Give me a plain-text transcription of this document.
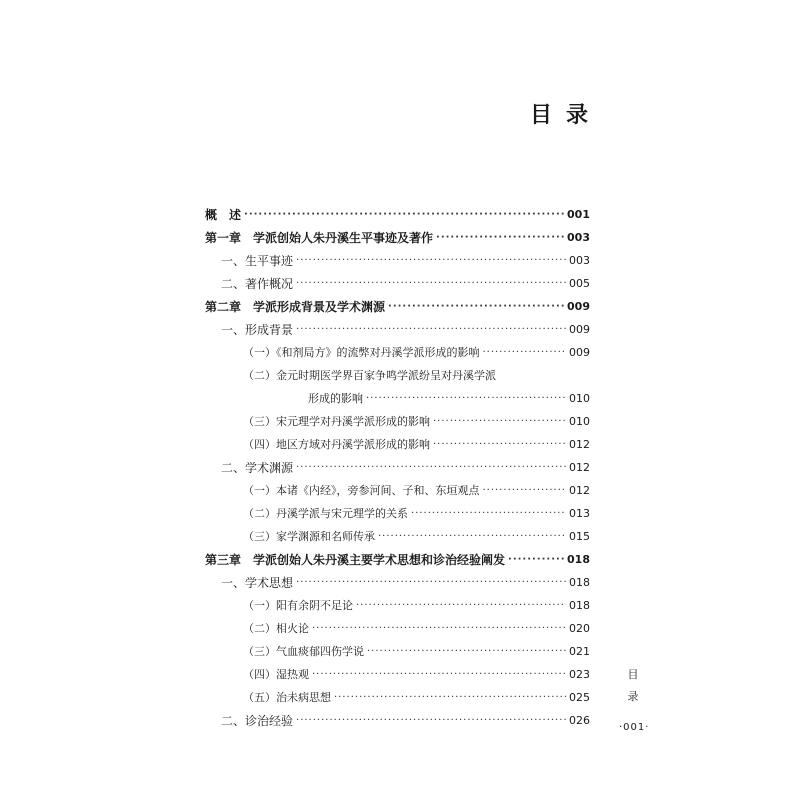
目录
概　述 ·····	001
第一章　学派创始人朱丹溪生平事迹及著作 ·····	003
一、生平事迹 ·····	003
二、著作概况 ·····	005
第二章　学派形成背景及学术渊源 ·····	009
一、形成背景 ·····	009
（一）《和剂局方》的流弊对丹溪学派形成的影响 ·····	009
（二）金元时期医学界百家争鸣学派纷呈对丹溪学派
形成的影响 ·····	010
（三）宋元理学对丹溪学派形成的影响 ·····	010
（四）地区方域对丹溪学派形成的影响 ·····	012
二、学术渊源 ·····	012
（一）本诸《内经》，旁参河间、子和、东垣观点 ·····	012
（二）丹溪学派与宋元理学的关系 ·····	013
（三）家学渊源和名师传承 ·····	015
第三章　学派创始人朱丹溪主要学术思想和诊治经验阐发 ·····	018
一、学术思想 ·····	018
（一）阳有余阴不足论 ·····	018
（二）相火论 ·····	020
（三）气血痰郁四伤学说 ·····	021
（四）湿热观 ·····	023
（五）治未病思想 ·····	025
二、诊治经验 ·····	026
目录
·001·
